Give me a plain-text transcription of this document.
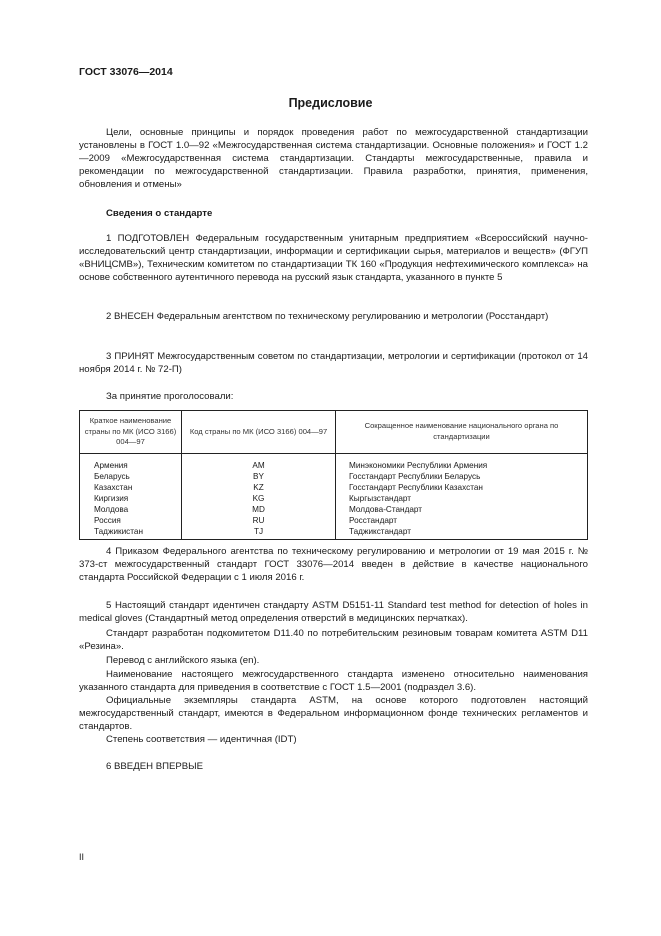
ГОСТ 33076—2014
Предисловие

Цели, основные принципы и порядок проведения работ по межгосударственной стандартизации установлены в ГОСТ 1.0—92 «Межгосударственная система стандартизации. Основные положения» и ГОСТ 1.2—2009 «Межгосударственная система стандартизации. Стандарты межгосударственные, правила и рекомендации по межгосударственной стандартизации. Правила разработки, принятия, применения, обновления и отмены»

Сведения о стандарте

1 ПОДГОТОВЛЕН Федеральным государственным унитарным предприятием «Всероссийский научно-исследовательский центр стандартизации, информации и сертификации сырья, материалов и веществ» (ФГУП «ВНИЦСМВ»), Техническим комитетом по стандартизации ТК 160 «Продукция нефтехимического комплекса» на основе собственного аутентичного перевода на русский язык стандарта, указанного в пункте 5

2 ВНЕСЕН Федеральным агентством по техническому регулированию и метрологии (Росстандарт)

3 ПРИНЯТ Межгосударственным советом по стандартизации, метрологии и сертификации (протокол от 14 ноября 2014 г. № 72-П)

За принятие проголосовали:
Краткое наименование страны по МК (ИСО 3166) 004—97	Код страны по МК (ИСО 3166) 004—97	Сокращенное наименование национального органа по стандартизации
Армения	AM	Минэкономики Республики Армения
Беларусь	BY	Госстандарт Республики Беларусь
Казахстан	KZ	Госстандарт Республики Казахстан
Киргизия	KG	Кыргызстандарт
Молдова	MD	Молдова-Стандарт
Россия	RU	Росстандарт
Таджикистан	TJ	Таджикстандарт

4 Приказом Федерального агентства по техническому регулированию и метрологии от 19 мая 2015 г. № 373-ст межгосударственный стандарт ГОСТ 33076—2014 введен в действие в качестве национального стандарта Российской Федерации с 1 июля 2016 г.

5 Настоящий стандарт идентичен стандарту ASTM D5151-11 Standard test method for detection of holes in medical gloves (Стандартный метод определения отверстий в медицинских перчатках).

Стандарт разработан подкомитетом D11.40 по потребительским резиновым товарам комитета ASTM D11 «Резина».

Перевод с английского языка (en).

Наименование настоящего межгосударственного стандарта изменено относительно наименования указанного стандарта для приведения в соответствие с ГОСТ 1.5—2001 (подраздел 3.6).

Официальные экземпляры стандарта ASTM, на основе которого подготовлен настоящий межгосударственный стандарт, имеются в Федеральном информационном фонде технических регламентов и стандартов.

Степень соответствия — идентичная (IDT)

6 ВВЕДЕН ВПЕРВЫЕ

II
